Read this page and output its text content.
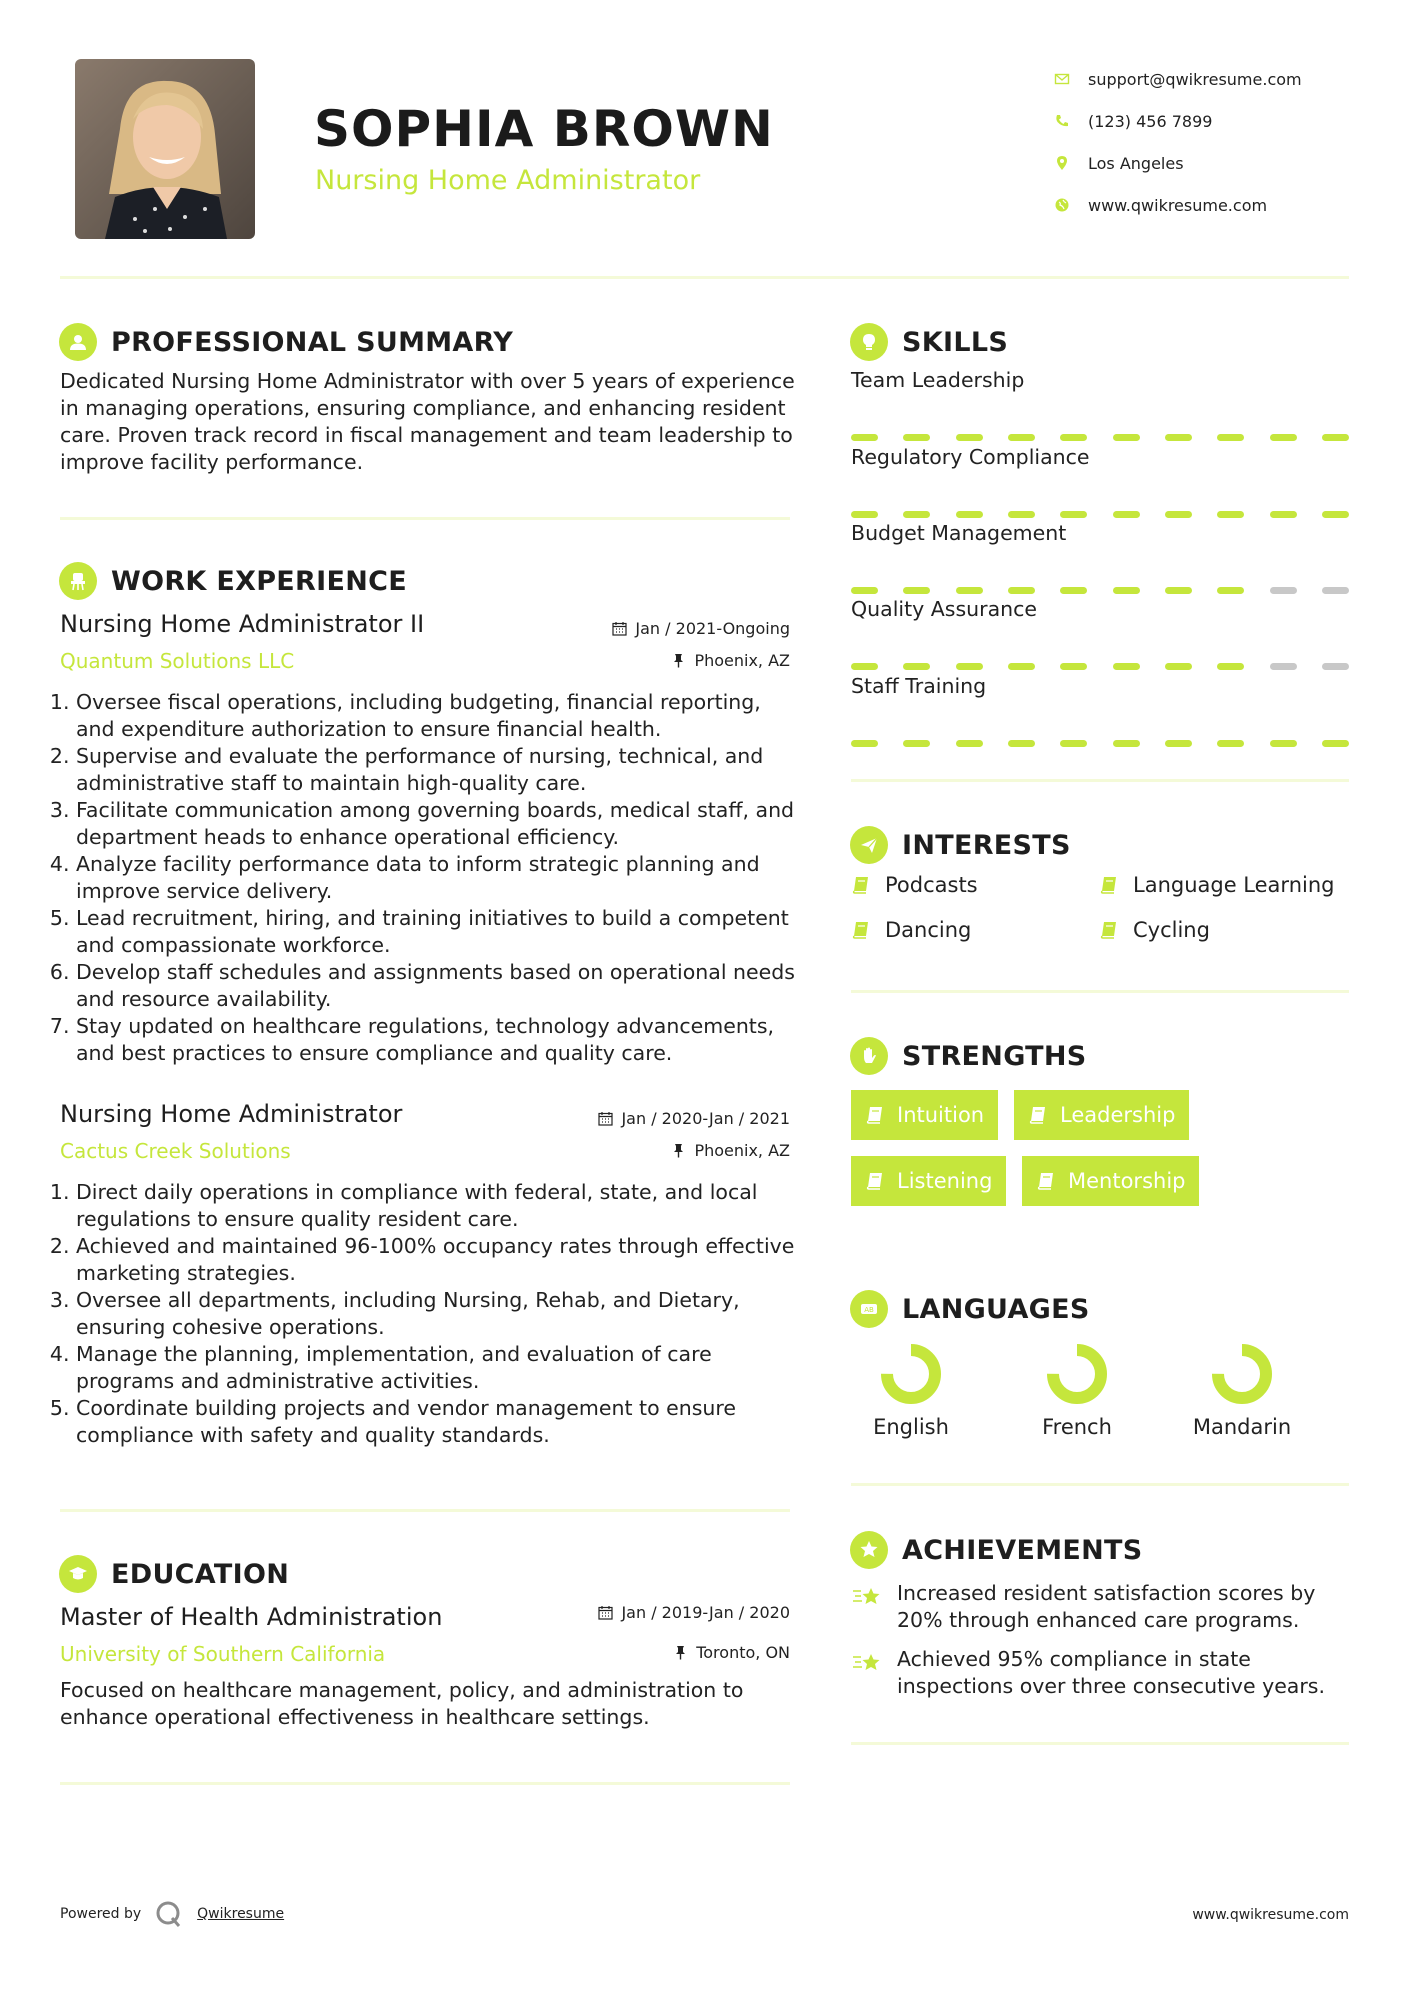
SOPHIA BROWN
Nursing Home Administrator
support@qwikresume.com
(123) 456 7899
Los Angeles
www.qwikresume.com
PROFESSIONAL SUMMARY
Dedicated Nursing Home Administrator with over 5 years of experience in managing operations, ensuring compliance, and enhancing resident care. Proven track record in fiscal management and team leadership to improve facility performance.
WORK EXPERIENCE
Nursing Home Administrator II
Quantum Solutions LLC
Jan / 2021-Ongoing
Phoenix, AZ
1. Oversee fiscal operations, including budgeting, financial reporting, and expenditure authorization to ensure financial health.
2. Supervise and evaluate the performance of nursing, technical, and administrative staff to maintain high-quality care.
3. Facilitate communication among governing boards, medical staff, and department heads to enhance operational efficiency.
4. Analyze facility performance data to inform strategic planning and improve service delivery.
5. Lead recruitment, hiring, and training initiatives to build a competent and compassionate workforce.
6. Develop staff schedules and assignments based on operational needs and resource availability.
7. Stay updated on healthcare regulations, technology advancements, and best practices to ensure compliance and quality care.
Nursing Home Administrator
Cactus Creek Solutions
Jan / 2020-Jan / 2021
Phoenix, AZ
1. Direct daily operations in compliance with federal, state, and local regulations to ensure quality resident care.
2. Achieved and maintained 96-100% occupancy rates through effective marketing strategies.
3. Oversee all departments, including Nursing, Rehab, and Dietary, ensuring cohesive operations.
4. Manage the planning, implementation, and evaluation of care programs and administrative activities.
5. Coordinate building projects and vendor management to ensure compliance with safety and quality standards.
EDUCATION
Master of Health Administration
University of Southern California
Jan / 2019-Jan / 2020
Toronto, ON
Focused on healthcare management, policy, and administration to enhance operational effectiveness in healthcare settings.
SKILLS
Team Leadership
Regulatory Compliance
Budget Management
Quality Assurance
Staff Training
INTERESTS
Podcasts	Language Learning
Dancing	Cycling
STRENGTHS
Intuition	Leadership
Listening	Mentorship
AB LANGUAGES
English	French	Mandarin
ACHIEVEMENTS
Increased resident satisfaction scores by 20% through enhanced care programs.
Achieved 95% compliance in state inspections over three consecutive years.
Powered by	Qwikresume	www.qwikresume.com
